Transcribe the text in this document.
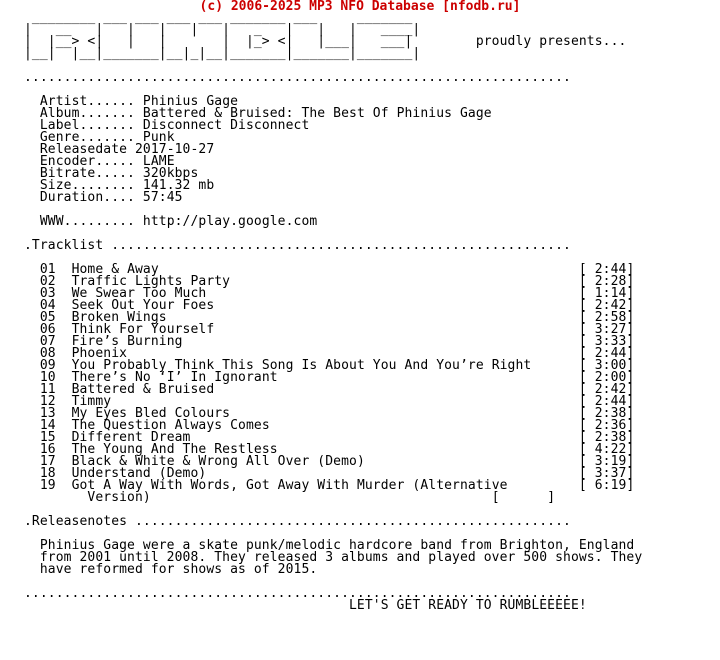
(c) 2006-2025 MP3 NFO Database [nfodb.ru]
________ ___ ___ ___ ___ _______ ___     _______
|   __   |   |   |   |   |   _   |   |   |   ____|
|  |__> <|   |   |       |  |_> <|   |___|   ___|	proudly presents...
|__|  |__|_______|__|_|__|_______|_______|_______|

.....................................................................

Artist...... Phinius Gage
Album....... Battered & Bruised: The Best Of Phinius Gage
Label....... Disconnect Disconnect
Genre....... Punk
Releasedate 2017-10-27
Encoder..... LAME
Bitrate..... 320kbps
Size........ 141.32 mb
Duration.... 57:45

WWW......... http://play.google.com

.Tracklist ..........................................................

01 Home & Away	[ 2:44]
02 Traffic Lights Party	[ 2:28]
03 We Swear Too Much	[ 1:14]
04 Seek Out Your Foes	[ 2:42]
05 Broken Wings	[ 2:58]
06 Think For Yourself	[ 3:27]
07 Fire’s Burning	[ 3:33]
08 Phoenix	[ 2:44]
09 You Probably Think This Song Is About You And You’re Right	[ 3:00]
10 There’s No ‘I’ In Ignorant	[ 2:00]
11 Battered & Bruised	[ 2:42]
12 Timmy	[ 2:44]
13 My Eyes Bled Colours	[ 2:38]
14 The Question Always Comes	[ 2:36]
15 Different Dream	[ 2:38]
16 The Young And The Restless	[ 4:22]
17 Black & White & Wrong All Over (Demo)	[ 3:19]
18 Understand (Demo)	[ 3:37]
19 Got A Way With Words, Got Away With Murder (Alternative	[ 6:19]
Version)	[      ]

.Releasenotes .......................................................

Phinius Gage were a skate punk/melodic hardcore band from Brighton, England
from 2001 until 2008. They released 3 albums and played over 500 shows. They
have reformed for shows as of 2015.

.....................................................................
LET'S GET READY TO RUMBLEEEEE!
